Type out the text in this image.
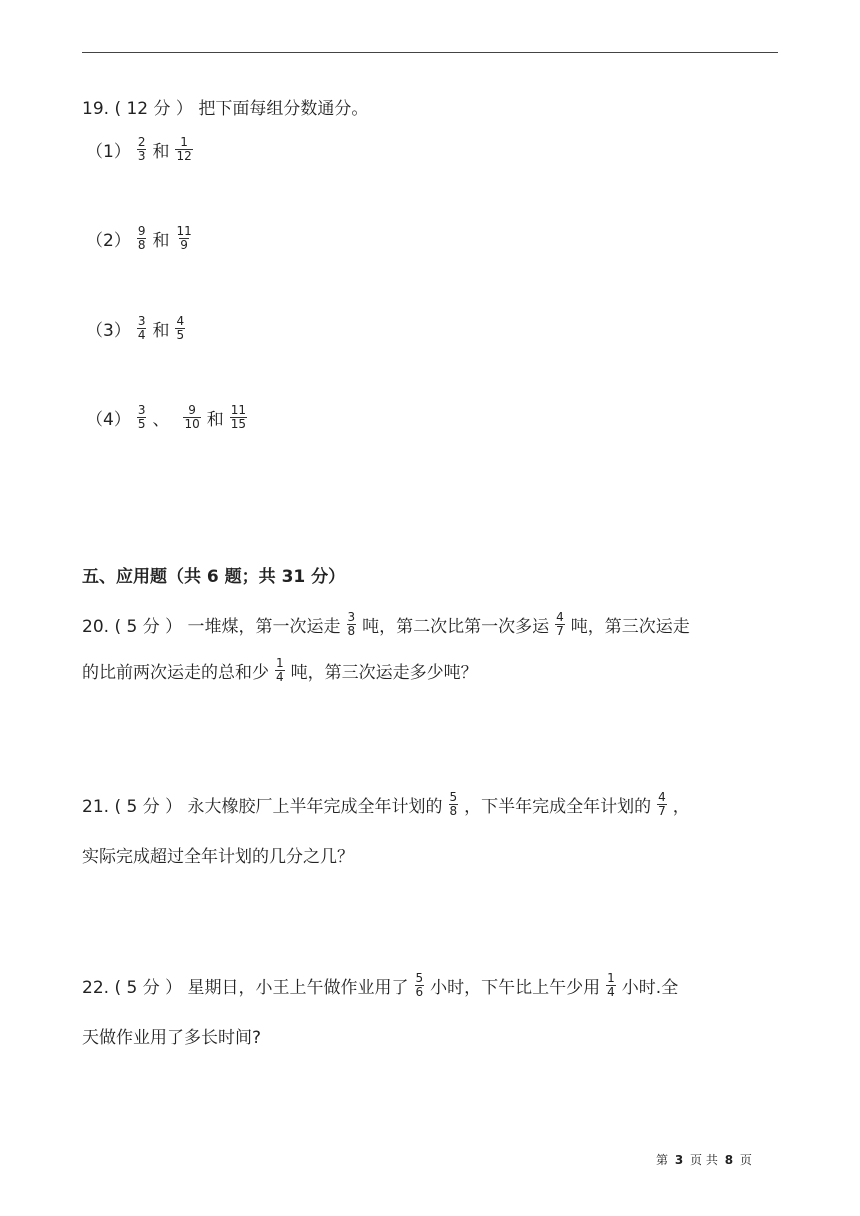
19. ( 12 分 ） 把下面每组分数通分。
$(1) \frac{2}{3}$ 和 $\frac{1}{12}$
$(2) \frac{9}{8}$ 和 $\frac{11}{9}$
$(3) \frac{3}{4}$ 和 $\frac{4}{5}$
$(4) \frac{3}{5}$ 、 $\frac{9}{10}$ 和 $\frac{11}{15}$
五、应用题（共 6 题；共 31 分）
20. ( 5 分 ） 一堆煤，第一次运走 $\frac{3}{8}$ 吨，第二次比第一次多运 $\frac{4}{7}$ 吨，第三次运走
的比前两次运走的总和少 $\frac{1}{4}$ 吨，第三次运走多少吨？
21. ( 5 分 ） 永大橡胶厂上半年完成全年计划的 $\frac{5}{8}$ ，下半年完成全年计划的 $\frac{4}{7}$ ，
实际完成超过全年计划的几分之几？
22. ( 5 分 ） 星期日，小王上午做作业用了 $\frac{5}{6}$ 小时，下午比上午少用 $\frac{1}{4}$ 小时.全
天做作业用了多长时间?
第 3 页 共 8 页
